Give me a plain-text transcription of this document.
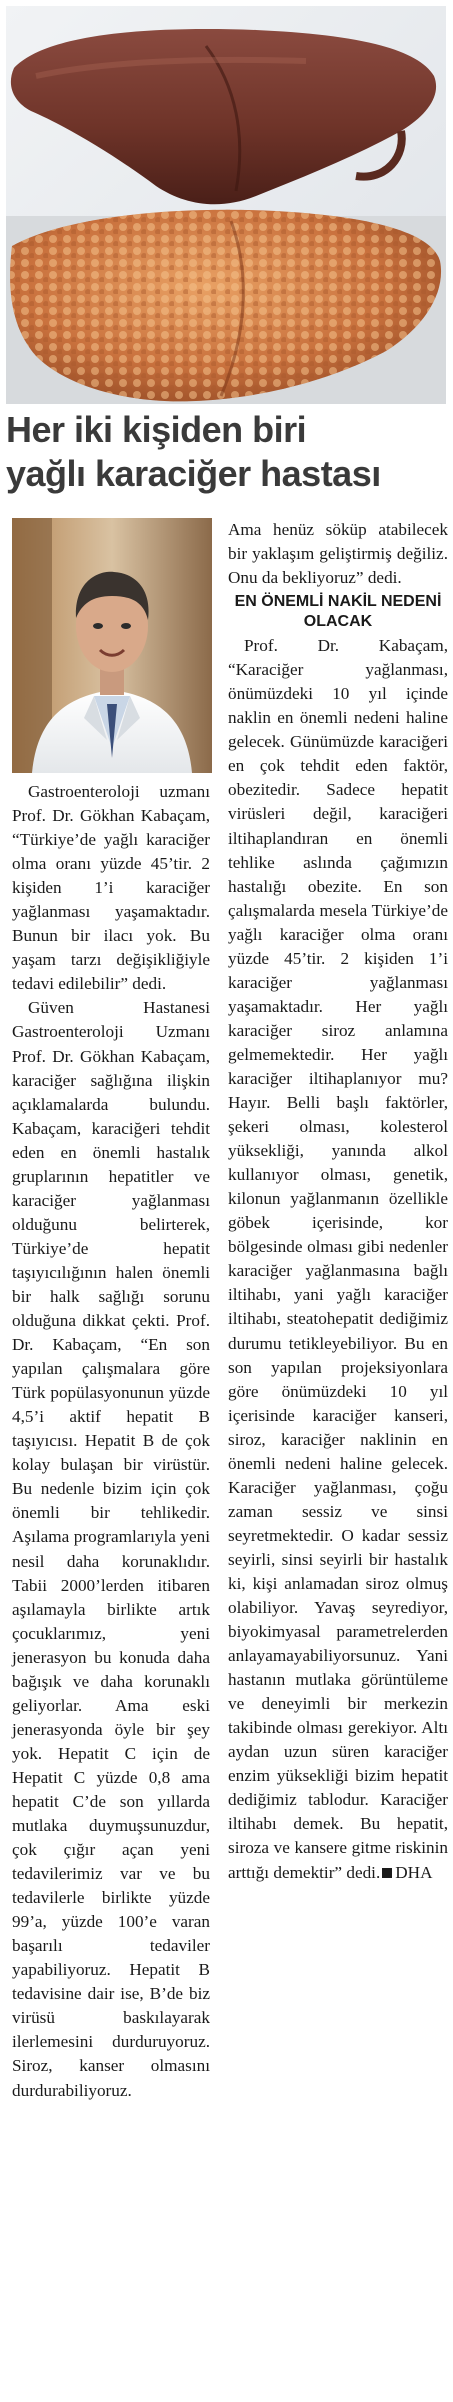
Her iki kişiden biri
yağlı karaciğer hastası

Gastroenteroloji uzmanı Prof. Dr. Gökhan Kabaçam, “Türkiye’de yağlı karaciğer olma oranı yüzde 45’tir. 2 kişiden 1’i karaciğer yağlanması yaşamaktadır. Bunun bir ilacı yok. Bu yaşam tarzı değişikliğiyle tedavi edilebilir” dedi.

Güven Hastanesi Gastroenteroloji Uzmanı Prof. Dr. Gökhan Kabaçam, karaciğer sağlığına ilişkin açıklamalarda bulundu. Kabaçam, karaciğeri tehdit eden en önemli hastalık gruplarının hepatitler ve karaciğer yağlanması olduğunu belirterek, Türkiye’de hepatit taşıyıcılığının halen önemli bir halk sağlığı sorunu olduğuna dikkat çekti. Prof. Dr. Kabaçam, “En son yapılan çalışmalara göre Türk popülasyonunun yüzde 4,5’i aktif hepatit B taşıyıcısı. Hepatit B de çok kolay bulaşan bir virüstür. Bu nedenle bizim için çok önemli bir tehlikedir. Aşılama programlarıyla yeni nesil daha korunaklıdır. Tabii 2000’lerden itibaren aşılamayla birlikte artık çocuklarımız, yeni jenerasyon bu konuda daha bağışık ve daha korunaklı geliyorlar. Ama eski jenerasyonda öyle bir şey yok. Hepatit C için de Hepatit C yüzde 0,8 ama hepatit C’de son yıllarda mutlaka duymuşsunuzdur, çok çığır açan yeni tedavilerimiz var ve bu tedavilerle birlikte yüzde 99’a, yüzde 100’e varan başarılı tedaviler yapabiliyoruz. Hepatit B tedavisine dair ise, B’de biz virüsü baskılayarak ilerlemesini durduruyoruz. Siroz, kanser olmasını durdurabiliyoruz.

Ama henüz söküp atabilecek bir yaklaşım geliştirmiş değiliz. Onu da bekliyoruz” dedi.

EN ÖNEMLİ NAKİL NEDENİ OLACAK

Prof. Dr. Kabaçam, “Karaciğer yağlanması, önümüzdeki 10 yıl içinde naklin en önemli nedeni haline gelecek. Günümüzde karaciğeri en çok tehdit eden faktör, obezitedir. Sadece hepatit virüsleri değil, karaciğeri iltihaplandıran en önemli tehlike aslında çağımızın hastalığı obezite. En son çalışmalarda mesela Türkiye’de yağlı karaciğer olma oranı yüzde 45’tir. 2 kişiden 1’i karaciğer yağlanması yaşamaktadır. Her yağlı karaciğer siroz anlamına gelmemektedir. Her yağlı karaciğer iltihaplanıyor mu? Hayır. Belli başlı faktörler, şekeri olması, kolesterol yüksekliği, yanında alkol kullanıyor olması, genetik, kilonun yağlanmanın özellikle göbek içerisinde, kor bölgesinde olması gibi nedenler karaciğer yağlanmasına bağlı iltihabı, yani yağlı karaciğer iltihabı, steatohepatit dediğimiz durumu tetikleyebiliyor. Bu en son yapılan projeksiyonlara göre önümüzdeki 10 yıl içerisinde karaciğer kanseri, siroz, karaciğer naklinin en önemli nedeni haline gelecek. Karaciğer yağlanması, çoğu zaman sessiz ve sinsi seyretmektedir. O kadar sessiz seyirli, sinsi seyirli bir hastalık ki, kişi anlamadan siroz olmuş olabiliyor. Yavaş seyrediyor, biyokimyasal parametrelerden anlayamayabiliyorsunuz. Yani hastanın mutlaka görüntüleme ve deneyimli bir merkezin takibinde olması gerekiyor. Altı aydan uzun süren karaciğer enzim yüksekliği bizim hepatit dediğimiz tablodur. Karaciğer iltihabı demek. Bu hepatit, siroza ve kansere gitme riskinin arttığı demektir” dedi. DHA
